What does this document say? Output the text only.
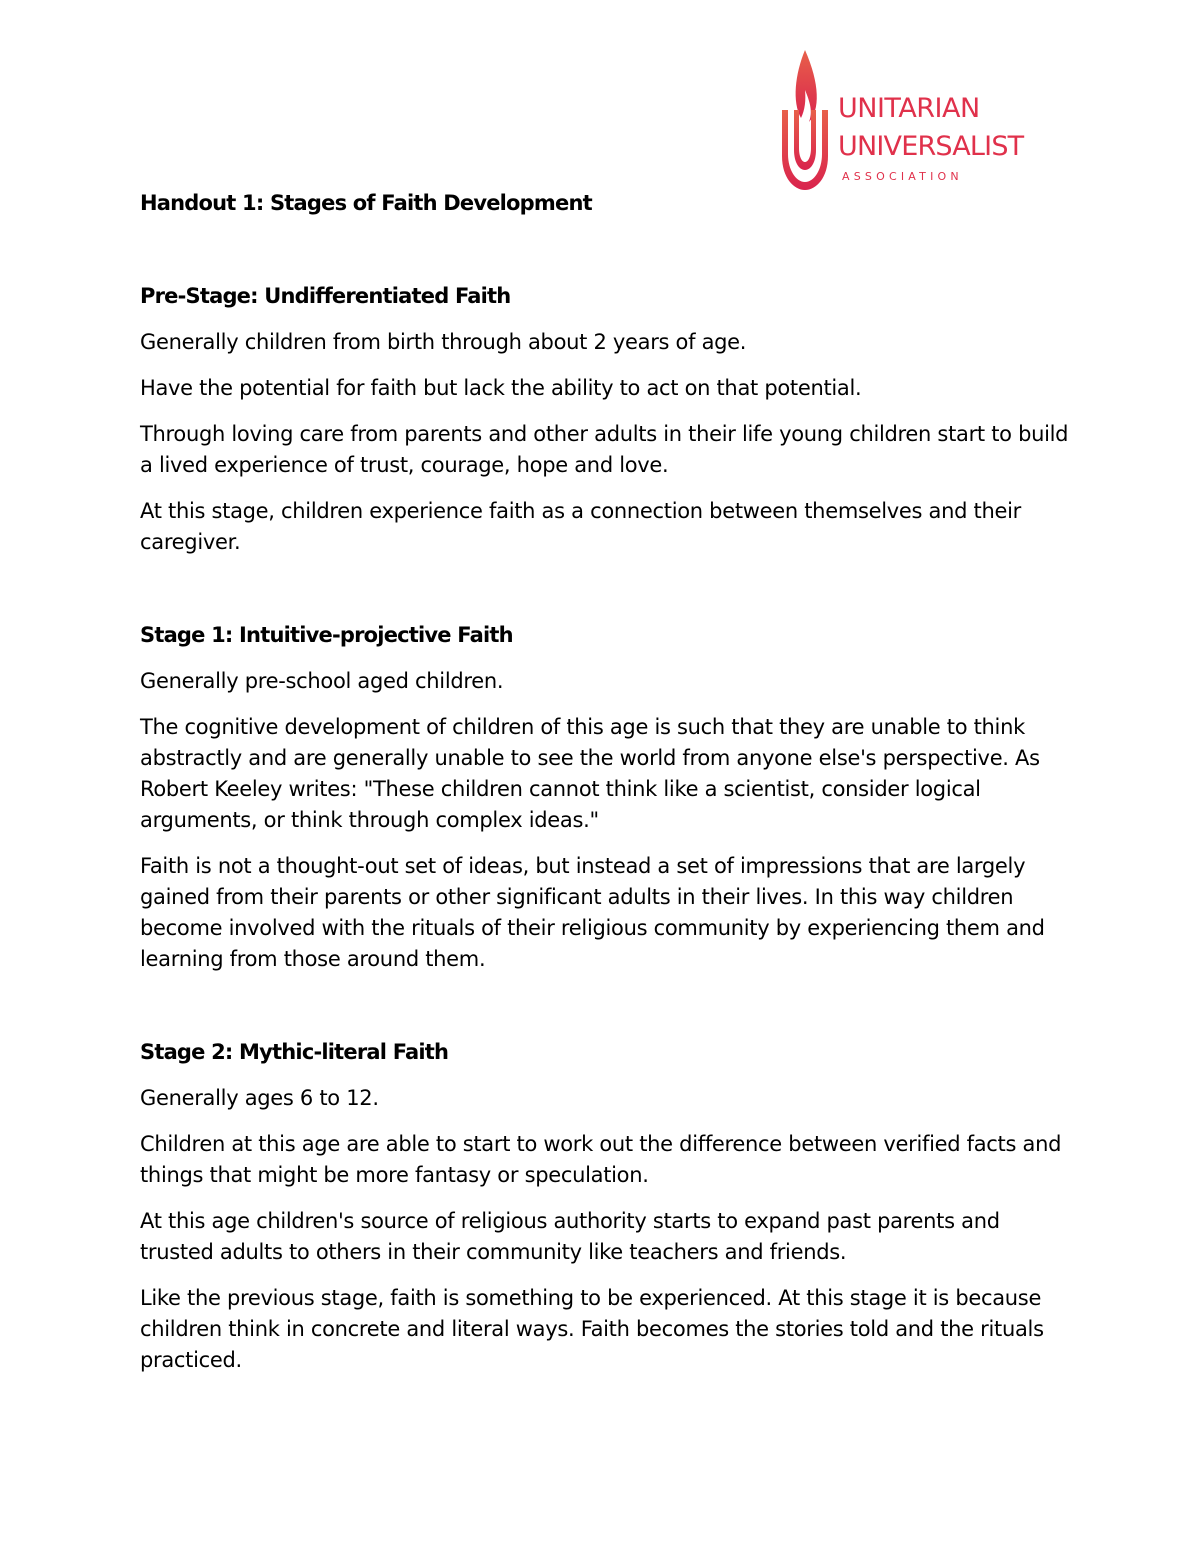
UNITARIAN
UNIVERSALIST
ASSOCIATION
Handout 1: Stages of Faith Development
Pre-Stage: Undifferentiated Faith

Generally children from birth through about 2 years of age.

Have the potential for faith but lack the ability to act on that potential.

Through loving care from parents and other adults in their life young children start to build a lived experience of trust, courage, hope and love.

At this stage, children experience faith as a connection between themselves and their caregiver.

Stage 1: Intuitive-projective Faith

Generally pre-school aged children.

The cognitive development of children of this age is such that they are unable to think abstractly and are generally unable to see the world from anyone else's perspective. As Robert Keeley writes: "These children cannot think like a scientist, consider logical arguments, or think through complex ideas."

Faith is not a thought-out set of ideas, but instead a set of impressions that are largely gained from their parents or other significant adults in their lives. In this way children become involved with the rituals of their religious community by experiencing them and learning from those around them.

Stage 2: Mythic-literal Faith

Generally ages 6 to 12.

Children at this age are able to start to work out the difference between verified facts and things that might be more fantasy or speculation.

At this age children's source of religious authority starts to expand past parents and trusted adults to others in their community like teachers and friends.

Like the previous stage, faith is something to be experienced. At this stage it is because children think in concrete and literal ways. Faith becomes the stories told and the rituals practiced.
